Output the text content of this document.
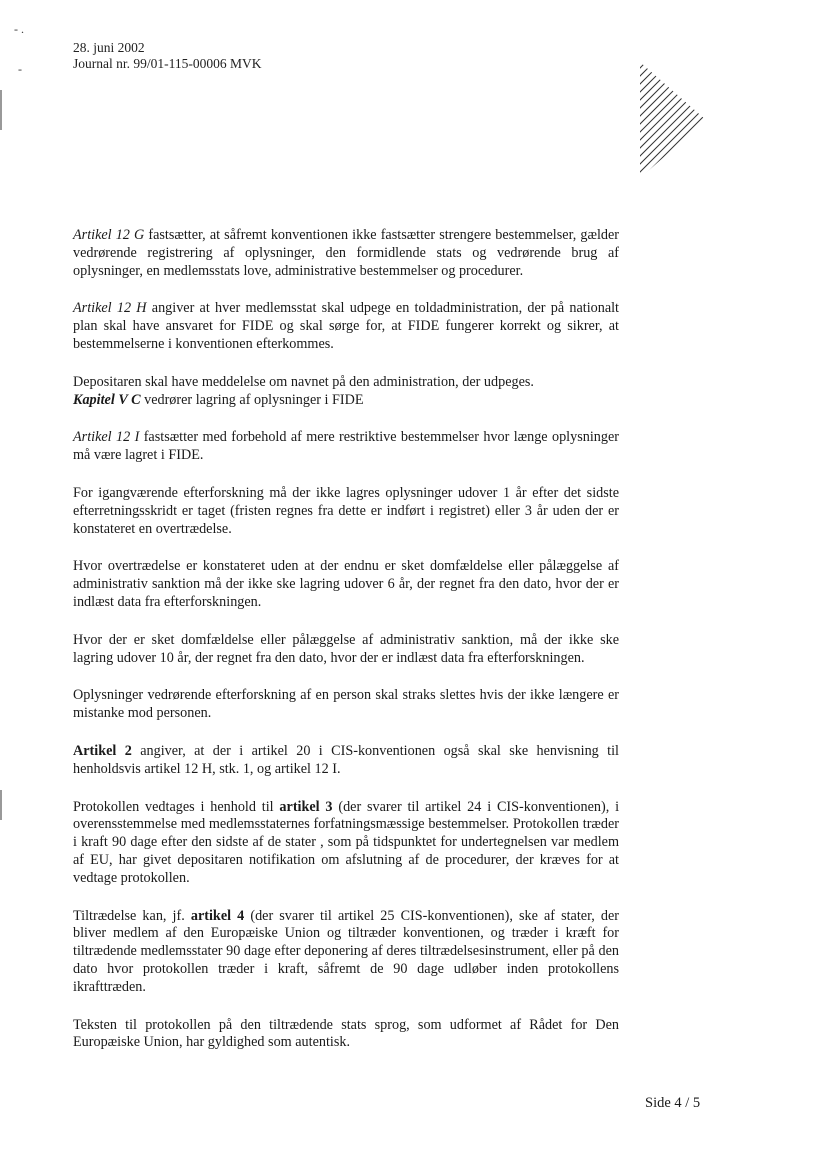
- .
-
28. juni 2002
Journal nr. 99/01-115-00006 MVK

Artikel 12 G fastsætter, at såfremt konventionen ikke fastsætter strengere bestemmelser, gælder vedrørende registrering af oplysninger, den formidlende stats og vedrørende brug af oplysninger, en medlemsstats love, administrative bestemmelser og procedurer.

Artikel 12 H angiver at hver medlemsstat skal udpege en toldadministration, der på nationalt plan skal have ansvaret for FIDE og skal sørge for, at FIDE fungerer korrekt og sikrer, at bestemmelserne i konventionen efterkommes.

Depositaren skal have meddelelse om navnet på den administration, der udpeges.

Kapitel V C vedrører lagring af oplysninger i FIDE

Artikel 12 I fastsætter med forbehold af mere restriktive bestemmelser hvor længe oplysninger må være lagret i FIDE.

For igangværende efterforskning må der ikke lagres oplysninger udover 1 år efter det sidste efterretningsskridt er taget (fristen regnes fra dette er indført i registret) eller 3 år uden der er konstateret en overtrædelse.

Hvor overtrædelse er konstateret uden at der endnu er sket domfældelse eller pålæggelse af administrativ sanktion må der ikke ske lagring udover 6 år, der regnet fra den dato, hvor der er indlæst data fra efterforskningen.

Hvor der er sket domfældelse eller pålæggelse af administrativ sanktion, må der ikke ske lagring udover 10 år, der regnet fra den dato, hvor der er indlæst data fra efterforskningen.

Oplysninger vedrørende efterforskning af en person skal straks slettes hvis der ikke længere er mistanke mod personen.

Artikel 2 angiver, at der i artikel 20 i CIS-konventionen også skal ske henvisning til henholdsvis artikel 12 H, stk. 1, og artikel 12 I.

Protokollen vedtages i henhold til artikel 3 (der svarer til artikel 24 i CIS-konventionen), i overensstemmelse med medlemsstaternes forfatningsmæssige bestemmelser. Protokollen træder i kraft 90 dage efter den sidste af de stater , som på tidspunktet for undertegnelsen var medlem af EU, har givet depositaren notifikation om afslutning af de procedurer, der kræves for at vedtage protokollen.

Tiltrædelse kan, jf. artikel 4 (der svarer til artikel 25 CIS-konventionen), ske af stater, der bliver medlem af den Europæiske Union og tiltræder konventionen, og træder i kræft for tiltrædende medlemsstater 90 dage efter deponering af deres tiltrædelsesinstrument, eller på den dato hvor protokollen træder i kraft, såfremt de 90 dage udløber inden protokollens ikrafttræden.

Teksten til protokollen på den tiltrædende stats sprog, som udformet af Rådet for Den Europæiske Union, har gyldighed som autentisk.

Side 4 / 5
